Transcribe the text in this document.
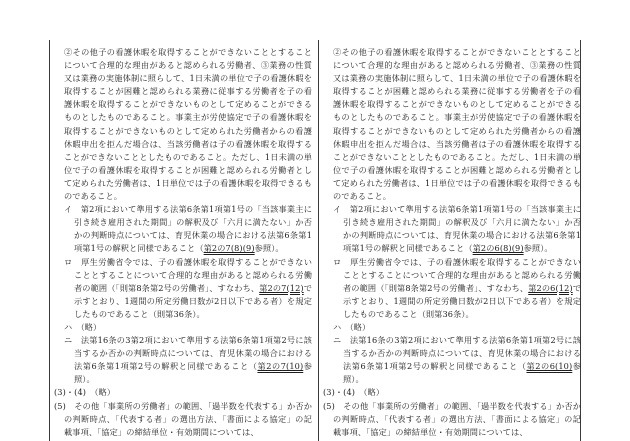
②その他子の看護休暇を取得することができないこととすることについて合理的な理由があると認められる労働者、③業務の性質又は業務の実施体制に照らして、1日未満の単位で子の看護休暇を取得することが困難と認められる業務に従事する労働者を子の看護休暇を取得することができないものとして定めることができるものとしたものであること。事業主が労使協定で子の看護休暇を取得することができないものとして定められた労働者からの看護休暇申出を拒んだ場合は、当該労働者は子の看護休暇を取得することができないこととしたものであること。ただし、1日未満の単位で子の看護休暇を取得することが困難と認められる労働者として定められた労働者は、1日単位では子の看護休暇を取得できるものであること。

イ　第2項において準用する法第6条第1項第1号の「当該事業主に引き続き雇用された期間」の解釈及び「六月に満たない」か否かの判断時点については、育児休業の場合における法第6条第1項第1号の解釈と同様であること（第2の7(8)(9)参照）。

ロ　厚生労働省令では、子の看護休暇を取得することができないこととすることについて合理的な理由があると認められる労働者の範囲（「則第8条第2号の労働者」、すなわち、第2の7(12)で示すとおり、1週間の所定労働日数が2日以下である者）を規定したものであること（則第36条）。

ハ　（略）

ニ　法第16条の3第2項において準用する法第6条第1項第2号に該当するか否かの判断時点については、育児休業の場合における法第6条第1項第2号の解釈と同様であること（第2の7(10)参照）。

(3)・(4)　（略）

(5)　その他「事業所の労働者」の範囲、「過半数を代表する」か否かの判断時点、「代表する者」の選出方法、「書面による協定」の記載事項、「協定」の締結単位・有効期間については、

②その他子の看護休暇を取得することができないこととすることについて合理的な理由があると認められる労働者、③業務の性質又は業務の実施体制に照らして、1日未満の単位で子の看護休暇を取得することが困難と認められる業務に従事する労働者を子の看護休暇を取得することができないものとして定めることができるものとしたものであること。事業主が労使協定で子の看護休暇を取得することができないものとして定められた労働者からの看護休暇申出を拒んだ場合は、当該労働者は子の看護休暇を取得することができないこととしたものであること。ただし、1日未満の単位で子の看護休暇を取得することが困難と認められる労働者として定められた労働者は、1日単位では子の看護休暇を取得できるものであること。

イ　第2項において準用する法第6条第1項第1号の「当該事業主に引き続き雇用された期間」の解釈及び「六月に満たない」か否かの判断時点については、育児休業の場合における法第6条第1項第1号の解釈と同様であること（第2の6(8)(9)参照）。

ロ　厚生労働省令では、子の看護休暇を取得することができないこととすることについて合理的な理由があると認められる労働者の範囲（「則第8条第2号の労働者」、すなわち、第2の6(12)で示すとおり、1週間の所定労働日数が2日以下である者）を規定したものであること（則第36条）。

ハ　（略）

ニ　法第16条の3第2項において準用する法第6条第1項第2号に該当するか否かの判断時点については、育児休業の場合における法第6条第1項第2号の解釈と同様であること（第2の6(10)参照）。

(3)・(4)　（略）

(5)　その他「事業所の労働者」の範囲、「過半数を代表する」か否かの判断時点、「代表する者」の選出方法、「書面による協定」の記載事項、「協定」の締結単位・有効期間については、
